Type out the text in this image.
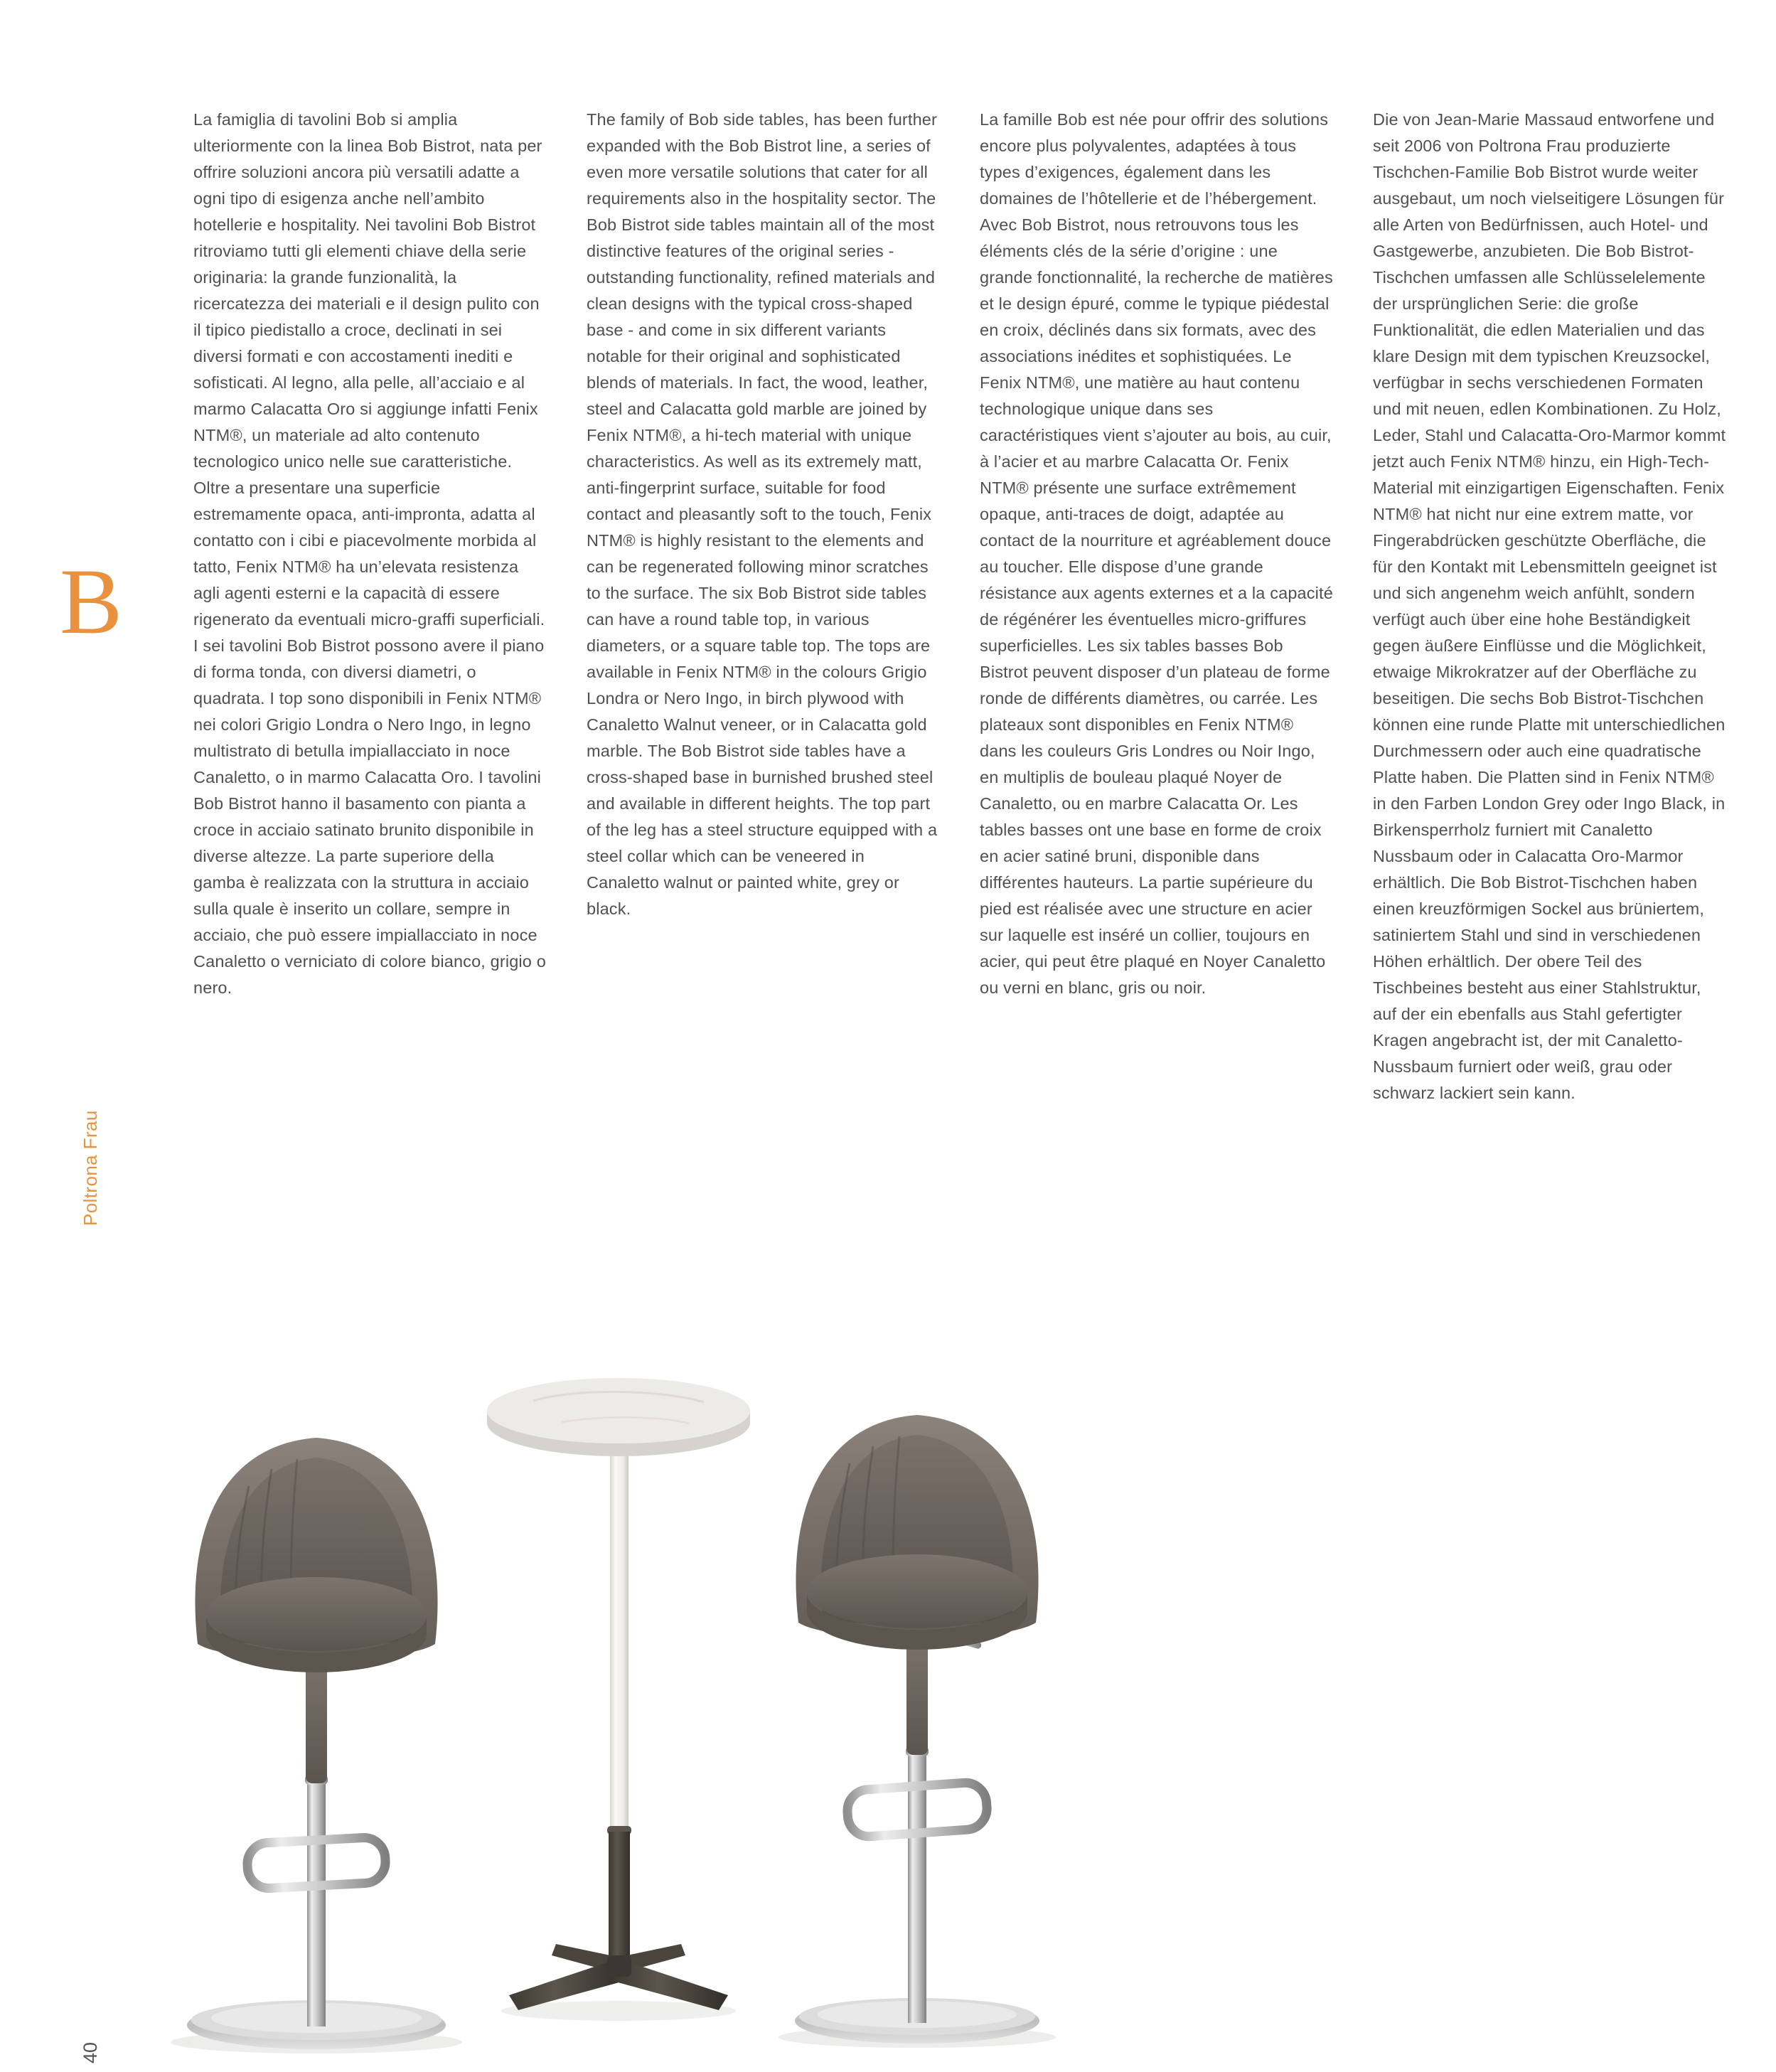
B
Poltrona Frau
40

La famiglia di tavolini Bob si amplia ulteriormente con la linea Bob Bistrot, nata per offrire soluzioni ancora più versatili adatte a ogni tipo di esigenza anche nell’ambito hotellerie e hospitality. Nei tavolini Bob Bistrot ritroviamo tutti gli elementi chiave della serie originaria: la grande funzionalità, la ricercatezza dei materiali e il design pulito con il tipico piedistallo a croce, declinati in sei diversi formati e con accostamenti inediti e sofisticati. Al legno, alla pelle, all’acciaio e al marmo Calacatta Oro si aggiunge infatti Fenix NTM®, un materiale ad alto contenuto tecnologico unico nelle sue caratteristiche. Oltre a presentare una superficie estremamente opaca, anti-impronta, adatta al contatto con i cibi e piacevolmente morbida al tatto, Fenix NTM® ha un’elevata resistenza agli agenti esterni e la capacità di essere rigenerato da eventuali micro-graffi superficiali. I sei tavolini Bob Bistrot possono avere il piano di forma tonda, con diversi diametri, o quadrata. I top sono disponibili in Fenix NTM® nei colori Grigio Londra o Nero Ingo, in legno multistrato di betulla impiallacciato in noce Canaletto, o in marmo Calacatta Oro. I tavolini Bob Bistrot hanno il basamento con pianta a croce in acciaio satinato brunito disponibile in diverse altezze. La parte superiore della gamba è realizzata con la struttura in acciaio sulla quale è inserito un collare, sempre in acciaio, che può essere impiallacciato in noce Canaletto o verniciato di colore bianco, grigio o nero.

The family of Bob side tables, has been further expanded with the Bob Bistrot line, a series of even more versatile solutions that cater for all requirements also in the hospitality sector. The Bob Bistrot side tables maintain all of the most distinctive features of the original series - outstanding functionality, refined materials and clean designs with the typical cross-shaped base - and come in six different variants notable for their original and sophisticated blends of materials. In fact, the wood, leather, steel and Calacatta gold marble are joined by Fenix NTM®, a hi-tech material with unique characteristics. As well as its extremely matt, anti-fingerprint surface, suitable for food contact and pleasantly soft to the touch, Fenix NTM® is highly resistant to the elements and can be regenerated following minor scratches to the surface. The six Bob Bistrot side tables can have a round table top, in various diameters, or a square table top. The tops are available in Fenix NTM® in the colours Grigio Londra or Nero Ingo, in birch plywood with Canaletto Walnut veneer, or in Calacatta gold marble. The Bob Bistrot side tables have a cross-shaped base in burnished brushed steel and available in different heights. The top part of the leg has a steel structure equipped with a steel collar which can be veneered in Canaletto walnut or painted white, grey or black.

La famille Bob est née pour offrir des solutions encore plus polyvalentes, adaptées à tous types d’exigences, également dans les domaines de l’hôtellerie et de l’hébergement. Avec Bob Bistrot, nous retrouvons tous les éléments clés de la série d’origine : une grande fonctionnalité, la recherche de matières et le design épuré, comme le typique piédestal en croix, déclinés dans six formats, avec des associations inédites et sophistiquées. Le Fenix NTM®, une matière au haut contenu technologique unique dans ses caractéristiques vient s’ajouter au bois, au cuir, à l’acier et au marbre Calacatta Or. Fenix NTM® présente une surface extrêmement opaque, anti-traces de doigt, adaptée au contact de la nourriture et agréablement douce au toucher. Elle dispose d’une grande résistance aux agents externes et a la capacité de régénérer les éventuelles micro-griffures superficielles. Les six tables basses Bob Bistrot peuvent disposer d’un plateau de forme ronde de différents diamètres, ou carrée. Les plateaux sont disponibles en Fenix NTM® dans les couleurs Gris Londres ou Noir Ingo, en multiplis de bouleau plaqué Noyer de Canaletto, ou en marbre Calacatta Or. Les tables basses ont une base en forme de croix en acier satiné bruni, disponible dans différentes hauteurs. La partie supérieure du pied est réalisée avec une structure en acier sur laquelle est inséré un collier, toujours en acier, qui peut être plaqué en Noyer Canaletto ou verni en blanc, gris ou noir.

Die von Jean-Marie Massaud entworfene und seit 2006 von Poltrona Frau produzierte Tischchen-Familie Bob Bistrot wurde weiter ausgebaut, um noch vielseitigere Lösungen für alle Arten von Bedürfnissen, auch Hotel- und Gastgewerbe, anzubieten. Die Bob Bistrot-Tischchen umfassen alle Schlüsselelemente der ursprünglichen Serie: die große Funktionalität, die edlen Materialien und das klare Design mit dem typischen Kreuzsockel, verfügbar in sechs verschiedenen Formaten und mit neuen, edlen Kombinationen. Zu Holz, Leder, Stahl und Calacatta-Oro-Marmor kommt jetzt auch Fenix NTM® hinzu, ein High-Tech-Material mit einzigartigen Eigenschaften. Fenix NTM® hat nicht nur eine extrem matte, vor Fingerabdrücken geschützte Oberfläche, die für den Kontakt mit Lebensmitteln geeignet ist und sich angenehm weich anfühlt, sondern verfügt auch über eine hohe Beständigkeit gegen äußere Einflüsse und die Möglichkeit, etwaige Mikrokratzer auf der Oberfläche zu beseitigen. Die sechs Bob Bistrot-Tischchen können eine runde Platte mit unterschiedlichen Durchmessern oder auch eine quadratische Platte haben. Die Platten sind in Fenix NTM® in den Farben London Grey oder Ingo Black, in Birkensperrholz furniert mit Canaletto Nussbaum oder in Calacatta Oro-Marmor erhältlich. Die Bob Bistrot-Tischchen haben einen kreuzförmigen Sockel aus brüniertem, satiniertem Stahl und sind in verschiedenen Höhen erhältlich. Der obere Teil des Tischbeines besteht aus einer Stahlstruktur, auf der ein ebenfalls aus Stahl gefertigter Kragen angebracht ist, der mit Canaletto-Nussbaum furniert oder weiß, grau oder schwarz lackiert sein kann.
